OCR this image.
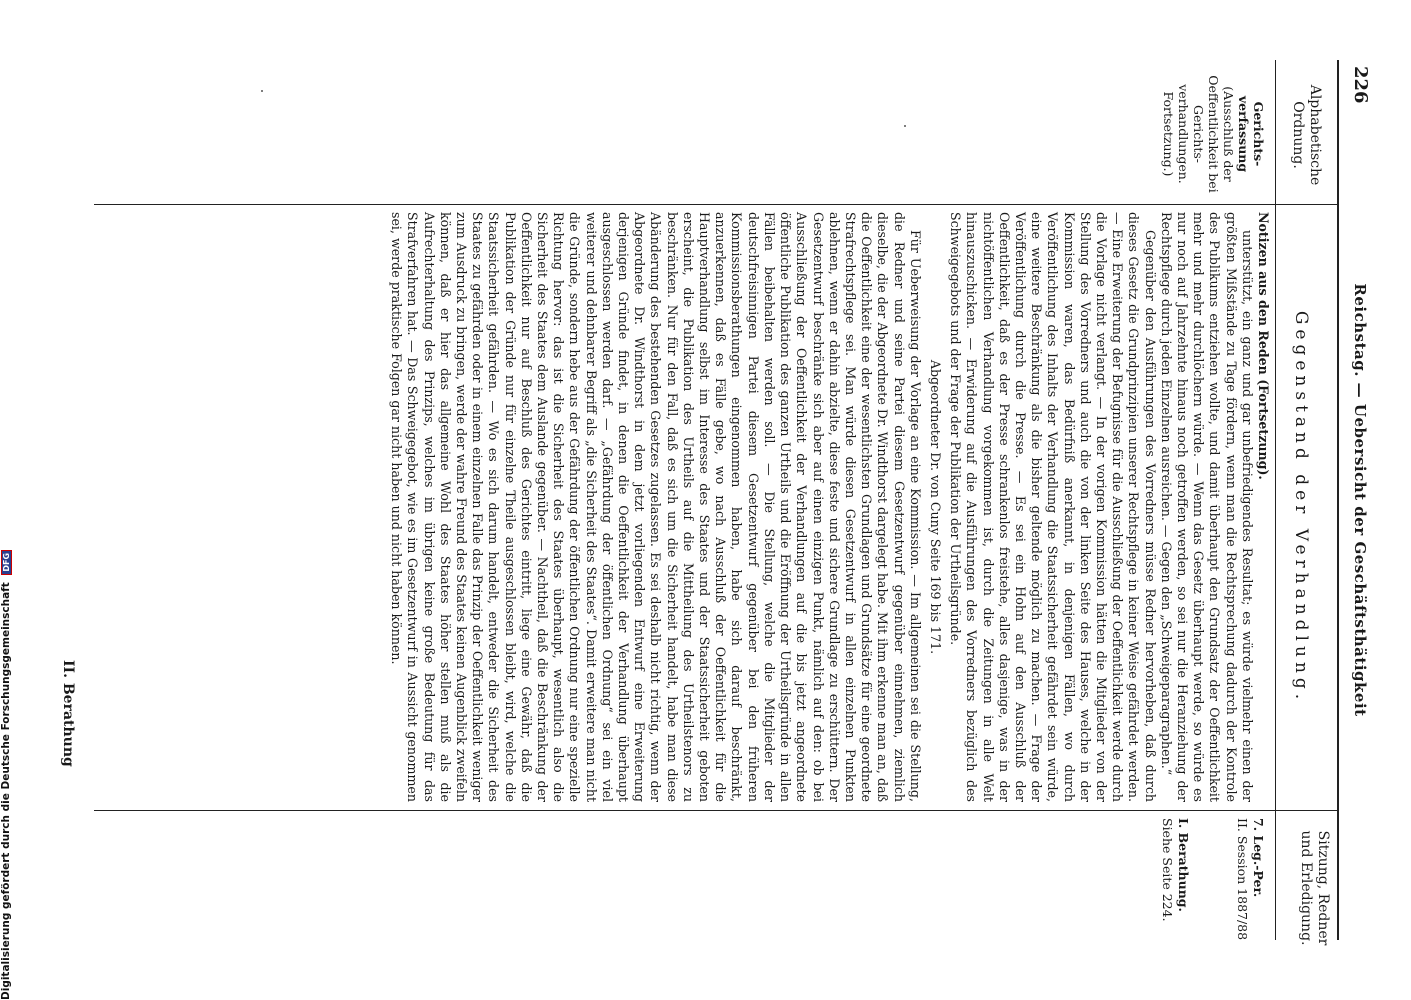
226
Reichstag. — Uebersicht der Geschäftsthätigkeit
Alphabetische Ordnung.
Gegenstand der Verhandlung.
Sitzung, Redner und Erledigung.
Gerichts-verfassung
(Ausschluß der
Oeffentlichkeit bei
Gerichts-
verhandlungen.
Fortsetzung.)
7. Leg.-Per.
II. Session 1887/88
I. Berathung.
Siehe Seite 224.

Notizen aus den Reden (Fortsetzung).

unterstützt, ein ganz und gar unbefriedigendes Resultat; es würde vielmehr einen der größten Mißstände zu Tage fördern, wenn man die Rechtsprechung dadurch der Kontrole des Publikums entziehen wollte, und damit überhaupt den Grundsatz der Oeffentlichkeit mehr und mehr durchlöchern würde. — Wenn das Gesetz überhaupt werde, so würde es nur noch auf Jahrzehnte hinaus noch getroffen werden, so sei nur die Heranziehung der Rechtspflege durch jeden Einzelnen ausreichen. — Gegen den „Schweigeparagraphen.“

Gegenüber den Ausführungen des Vorredners müsse Redner hervorheben, daß durch dieses Gesetz die Grundprinzipien unserer Rechtspflege in keiner Weise gefährdet werden. — Eine Erweiterung der Befugnisse für die Ausschließung der Oeffentlichkeit werde durch die Vorlage nicht verlangt. — In der vorigen Kommission hätten die Mitglieder von der Stellung des Vorredners und auch die von der linken Seite des Hauses, welche in der Kommission waren, das Bedürfniß anerkannt, in denjenigen Fällen, wo durch Veröffentlichung des Inhalts der Verhandlung die Staatssicherheit gefährdet sein würde, eine weitere Beschränkung als die bisher geltende möglich zu machen. — Frage der Veröffentlichung durch die Presse. — Es sei ein Hohn auf den Ausschluß der Oeffentlichkeit, daß es der Presse schrankenlos freistehe, alles dasjenige, was in der nichtöffentlichen Verhandlung vorgekommen ist, durch die Zeitungen in alle Welt hinauszuschicken. — Erwiderung auf die Ausführungen des Vorredners bezüglich des Schweigegebots und der Frage der Publikation der Urtheilsgründe.

Abgeordneter Dr. von Cuny Seite 169 bis 171.

Für Ueberweisung der Vorlage an eine Kommission. — Im allgemeinen sei die Stellung, die Redner und seine Partei diesem Gesetzentwurf gegenüber einnehmen, ziemlich dieselbe, die der Abgeordnete Dr. Windthorst dargelegt habe. Mit ihm erkenne man an, daß die Oeffentlichkeit eine der wesentlichsten Grundlagen und Grundsätze für eine geordnete Strafrechtspflege sei. Man würde diesen Gesetzentwurf in allen einzelnen Punkten ablehnen, wenn er dahin abzielte, diese feste und sichere Grundlage zu erschüttern. Der Gesetzentwurf beschränke sich aber auf einen einzigen Punkt, nämlich auf den: ob bei Ausschließung der Oeffentlichkeit der Verhandlungen auf die bis jetzt angeordnete öffentliche Publikation des ganzen Urtheils und die Eröffnung der Urtheilsgründe in allen Fällen beibehalten werden soll. — Die Stellung, welche die Mitglieder der deutschfreisinnigen Partei diesem Gesetzentwurf gegenüber bei den früheren Kommissionsberathungen eingenommen haben, habe sich darauf beschränkt, anzuerkennen, daß es Fälle gebe, wo nach Ausschluß der Oeffentlichkeit für die Hauptverhandlung selbst im Interesse des Staates und der Staatssicherheit geboten erscheint, die Publikation des Urtheils auf die Mittheilung des Urtheilstenors zu beschränken. Nur für den Fall, daß es sich um die Sicherheit handelt, habe man diese Abänderung des bestehenden Gesetzes zugelassen. Es sei deshalb nicht richtig, wenn der Abgeordnete Dr. Windthorst in dem jetzt vorliegenden Entwurf eine Erweiterung derjenigen Gründe findet, in denen die Oeffentlichkeit der Verhandlung überhaupt ausgeschlossen werden darf. — „Gefährdung der öffentlichen Ordnung“ sei ein viel weiterer und dehnbarer Begriff als „die Sicherheit des Staates“. Damit erweitere man nicht die Gründe, sondern hebe aus der Gefährdung der öffentlichen Ordnung nur eine spezielle Richtung hervor: das ist die Sicherheit des Staates überhaupt, wesentlich also die Sicherheit des Staates dem Auslande gegenüber. — Nachtheil, daß die Beschränkung der Oeffentlichkeit nur auf Beschluß des Gerichtes eintritt, liege eine Gewähr, daß die Publikation der Gründe nur für einzelne Theile ausgeschlossen bleibt, wird, welche die Staatssicherheit gefährden. — Wo es sich darum handelt, entweder die Sicherheit des Staates zu gefährden oder in einem einzelnen Falle das Prinzip der Oeffentlichkeit weniger zum Ausdruck zu bringen, werde der wahre Freund des Staates keinen Augenblick zweifeln können, daß er hier das allgemeine Wohl des Staates höher stellen muß als die Aufrechterhaltung des Prinzips, welches im übrigen keine große Bedeutung für das Strafverfahren hat. — Das Schweigegebot, wie es im Gesetzentwurf in Aussicht genommen sei, werde praktische Folgen gar nicht haben und nicht haben können.

II. Berathung
Digitalisierung gefördert durch die Deutsche Forschungsgemeinschaft DFG
